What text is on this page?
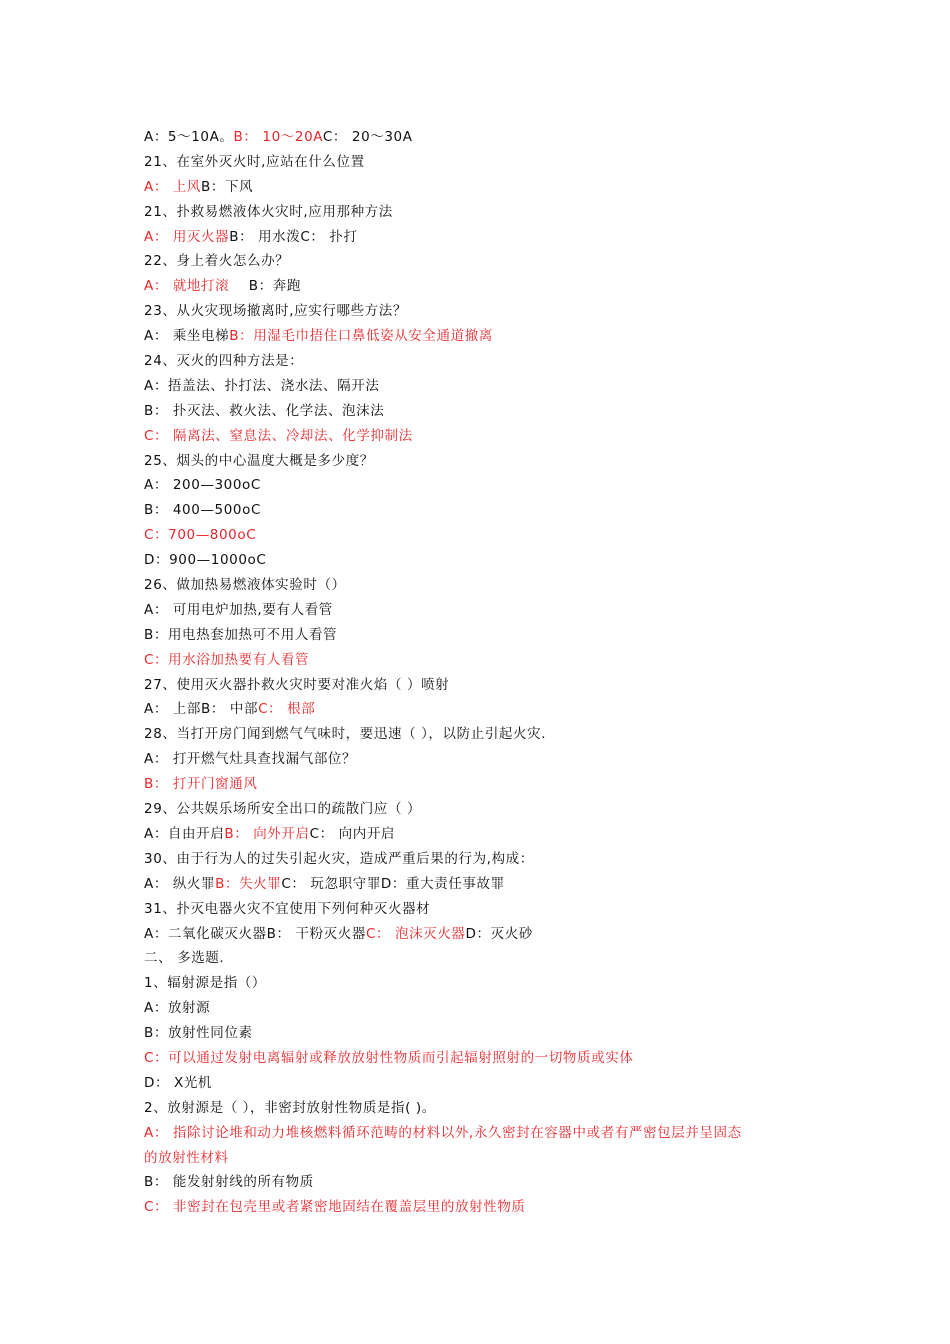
A：5～10A。B： 10～20AC： 20～30A
21、在室外灭火时,应站在什么位置
A： 上风B：下风
21、扑救易燃液体火灾时,应用那种方法
A： 用灭火器B： 用水泼C： 扑打
22、身上着火怎么办？
A： 就地打滚    B：奔跑
23、从火灾现场撤离时,应实行哪些方法？
A： 乘坐电梯B：用湿毛巾捂住口鼻低姿从安全通道撤离
24、灭火的四种方法是：
A：捂盖法、扑打法、浇水法、隔开法
B： 扑灭法、救火法、化学法、泡沫法
C： 隔离法、窒息法、冷却法、化学抑制法
25、烟头的中心温度大概是多少度？
A： 200—300oC
B： 400—500oC
C：700—800oC
D：900—1000oC
26、做加热易燃液体实验时（）
A： 可用电炉加热,要有人看管
B：用电热套加热可不用人看管
C：用水浴加热要有人看管
27、使用灭火器扑救火灾时要对准火焰（ ）喷射
A： 上部B： 中部C： 根部
28、当打开房门闻到燃气气味时，要迅速（ ），以防止引起火灾.
A： 打开燃气灶具查找漏气部位？
B： 打开门窗通风
29、公共娱乐场所安全出口的疏散门应（ ）
A：自由开启B： 向外开启C： 向内开启
30、由于行为人的过失引起火灾，造成严重后果的行为,构成：
A： 纵火罪B：失火罪C： 玩忽职守罪D：重大责任事故罪
31、扑灭电器火灾不宜使用下列何种灭火器材
A：二氧化碳灭火器B： 干粉灭火器C： 泡沫灭火器D：灭火砂
二、 多选题.
1、辐射源是指（）
A：放射源
B：放射性同位素
C：可以通过发射电离辐射或释放放射性物质而引起辐射照射的一切物质或实体
D： X光机
2、放射源是（ ），非密封放射性物质是指( )。
A： 指除讨论堆和动力堆核燃料循环范畴的材料以外,永久密封在容器中或者有严密包层并呈固态
的放射性材料
B： 能发射射线的所有物质
C： 非密封在包壳里或者紧密地固结在覆盖层里的放射性物质
